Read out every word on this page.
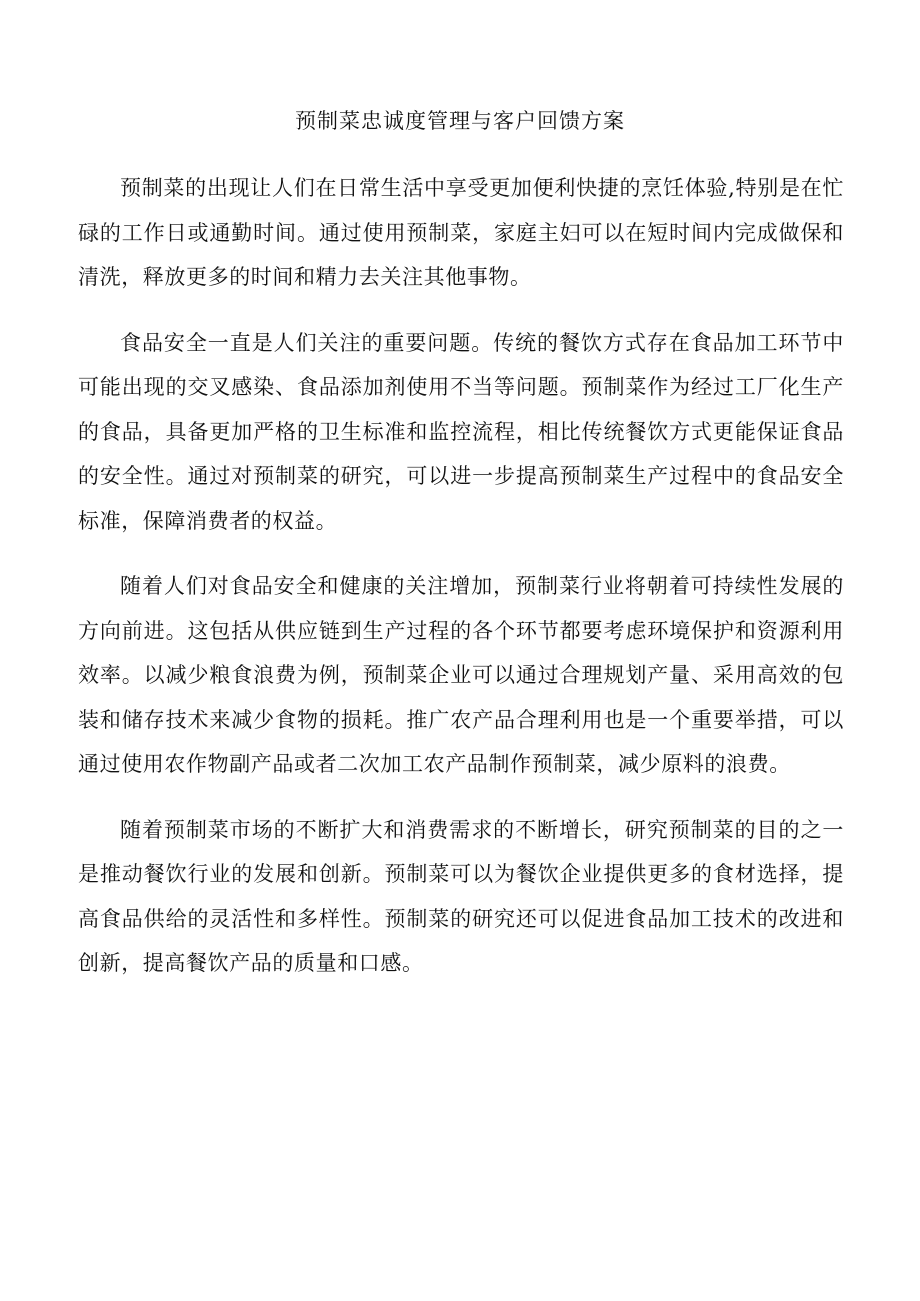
预制菜忠诚度管理与客户回馈方案

预制菜的出现让人们在日常生活中享受更加便利快捷的烹饪体验,特别是在忙碌的工作日或通勤时间。通过使用预制菜，家庭主妇可以在短时间内完成做保和清洗，释放更多的时间和精力去关注其他事物。

食品安全一直是人们关注的重要问题。传统的餐饮方式存在食品加工环节中可能出现的交叉感染、食品添加剂使用不当等问题。预制菜作为经过工厂化生产的食品，具备更加严格的卫生标准和监控流程，相比传统餐饮方式更能保证食品的安全性。通过对预制菜的研究，可以进一步提高预制菜生产过程中的食品安全标准，保障消费者的权益。

随着人们对食品安全和健康的关注增加，预制菜行业将朝着可持续性发展的方向前进。这包括从供应链到生产过程的各个环节都要考虑环境保护和资源利用效率。以减少粮食浪费为例，预制菜企业可以通过合理规划产量、采用高效的包装和储存技术来减少食物的损耗。推广农产品合理利用也是一个重要举措，可以通过使用农作物副产品或者二次加工农产品制作预制菜，减少原料的浪费。

随着预制菜市场的不断扩大和消费需求的不断增长，研究预制菜的目的之一是推动餐饮行业的发展和创新。预制菜可以为餐饮企业提供更多的食材选择，提高食品供给的灵活性和多样性。预制菜的研究还可以促进食品加工技术的改进和创新，提高餐饮产品的质量和口感。
